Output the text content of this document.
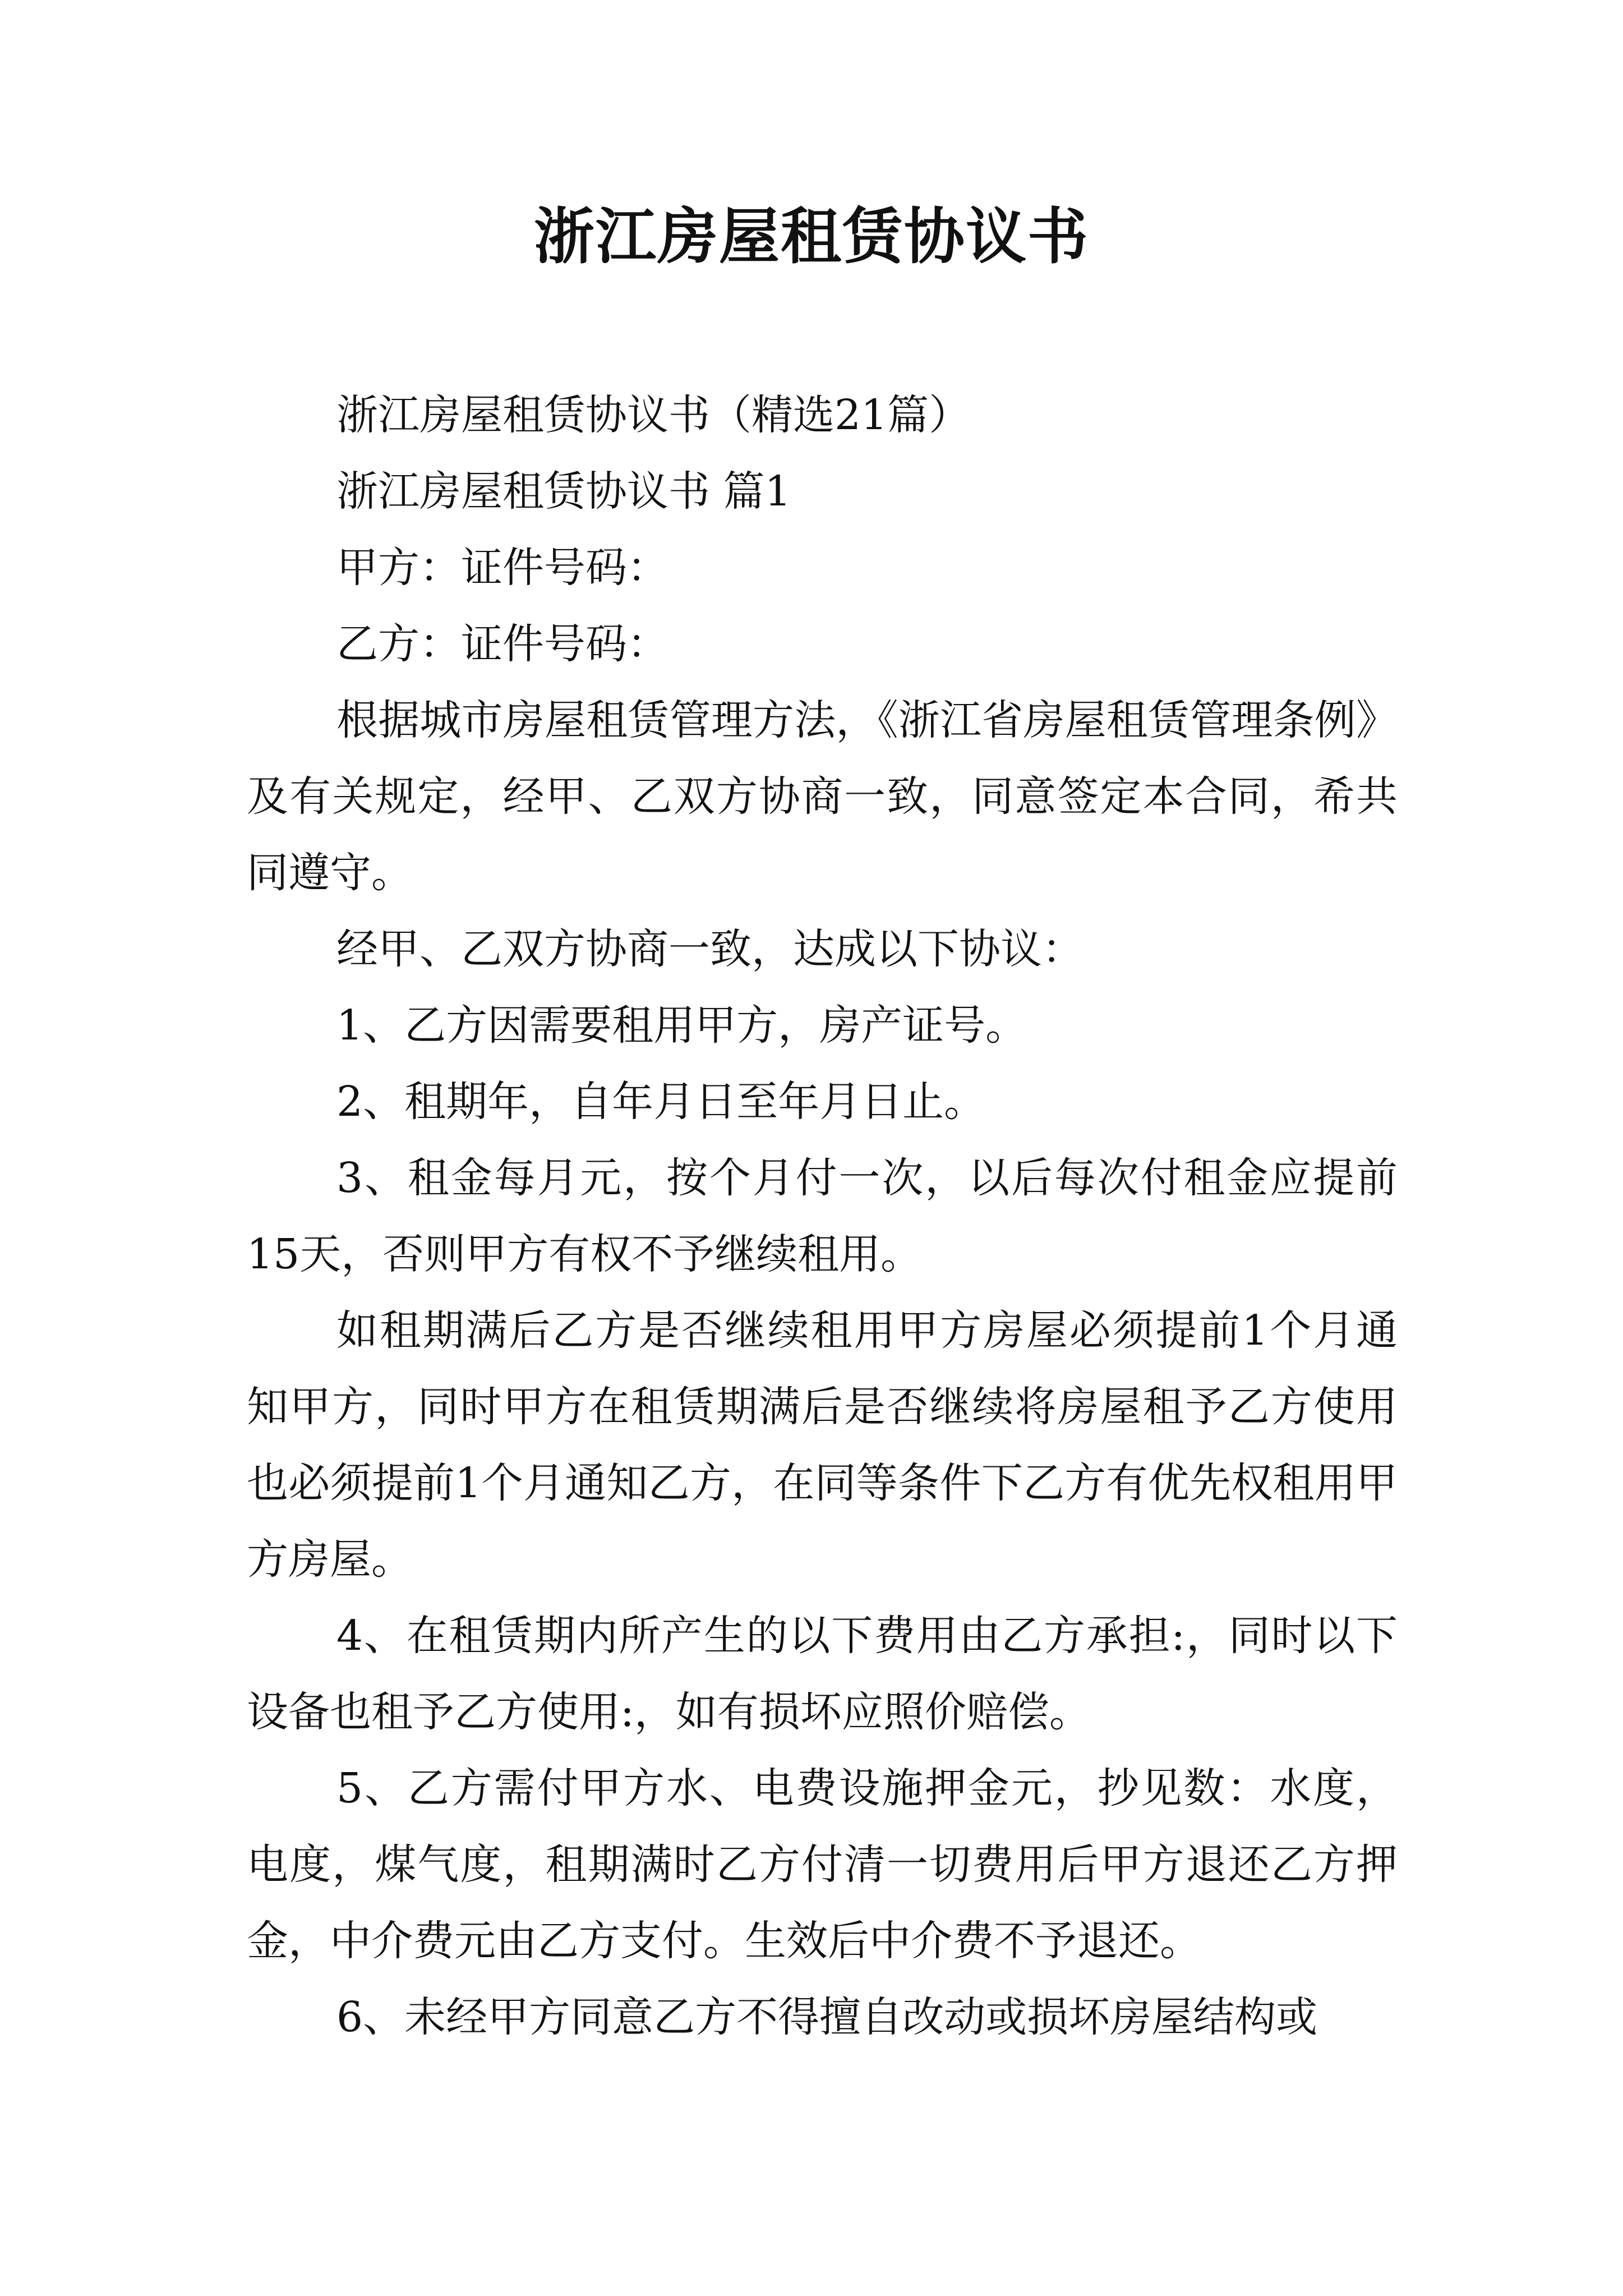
浙江房屋租赁协议书

浙江房屋租赁协议书（精选21篇）

浙江房屋租赁协议书 篇1

甲方：证件号码：

乙方：证件号码：

根据城市房屋租赁管理方法，《浙江省房屋租赁管理条例》及有关规定，经甲、乙双方协商一致，同意签定本合同，希共同遵守。

经甲、乙双方协商一致，达成以下协议：

1、乙方因需要租用甲方，房产证号。

2、租期年，自年月日至年月日止。

3、租金每月元，按个月付一次，以后每次付租金应提前15天，否则甲方有权不予继续租用。

如租期满后乙方是否继续租用甲方房屋必须提前1个月通知甲方，同时甲方在租赁期满后是否继续将房屋租予乙方使用也必须提前1个月通知乙方，在同等条件下乙方有优先权租用甲方房屋。

4、在租赁期内所产生的以下费用由乙方承担:，同时以下设备也租予乙方使用:，如有损坏应照价赔偿。

5、乙方需付甲方水、电费设施押金元，抄见数：水度，电度，煤气度，租期满时乙方付清一切费用后甲方退还乙方押金，中介费元由乙方支付。生效后中介费不予退还。

6、未经甲方同意乙方不得擅自改动或损坏房屋结构或
